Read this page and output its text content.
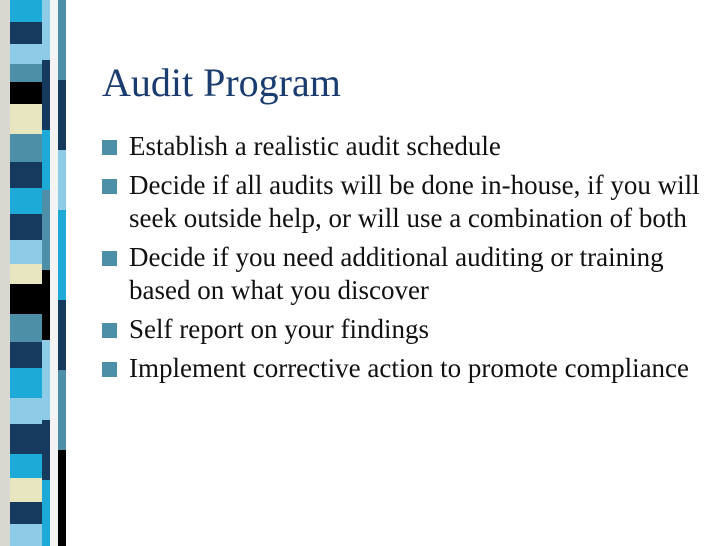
Audit Program
Establish a realistic audit schedule
Decide if all audits will be done in-house, if you will seek outside help, or will use a combination of both
Decide if you need additional auditing or training based on what you discover
Self report on your findings
Implement corrective action to promote compliance
